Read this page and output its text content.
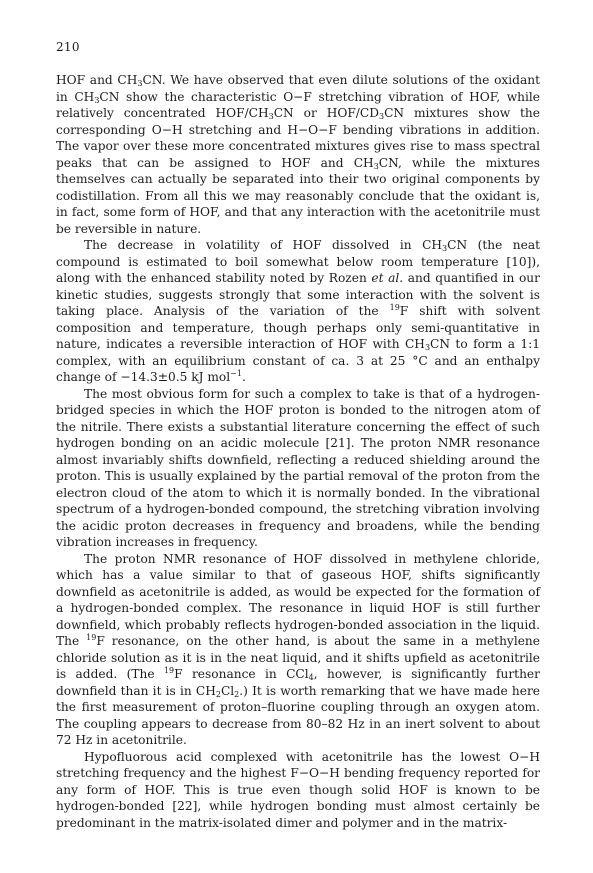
210

HOF and $CH_3CN$. We have observed that even dilute solutions of the oxidant in $CH_3CN$ show the characteristic O−F stretching vibration of HOF, while relatively concentrated HOF/$CH_3CN$ or HOF/$CD_3CN$ mixtures show the corresponding O−H stretching and H−O−F bending vibrations in addition. The vapor over these more concentrated mixtures gives rise to mass spectral peaks that can be assigned to HOF and $CH_3CN$, while the mixtures themselves can actually be separated into their two original components by codistillation. From all this we may reasonably conclude that the oxidant is, in fact, some form of HOF, and that any interaction with the acetonitrile must be reversible in nature.

The decrease in volatility of HOF dissolved in $CH_3CN$ (the neat compound is estimated to boil somewhat below room temperature [10]), along with the enhanced stability noted by Rozen et al. and quantified in our kinetic studies, suggests strongly that some interaction with the solvent is taking place. Analysis of the variation of the $^{19}$F shift with solvent composition and temperature, though perhaps only semi-quantitative in nature, indicates a reversible interaction of HOF with $CH_3CN$ to form a 1:1 complex, with an equilibrium constant of ca. 3 at 25 °C and an enthalpy change of −14.3±0.5 kJ mol$^{-1}$.

The most obvious form for such a complex to take is that of a hydrogen-bridged species in which the HOF proton is bonded to the nitrogen atom of the nitrile. There exists a substantial literature concerning the effect of such hydrogen bonding on an acidic molecule [21]. The proton NMR resonance almost invariably shifts downfield, reflecting a reduced shielding around the proton. This is usually explained by the partial removal of the proton from the electron cloud of the atom to which it is normally bonded. In the vibrational spectrum of a hydrogen-bonded compound, the stretching vibration involving the acidic proton decreases in frequency and broadens, while the bending vibration increases in frequency.

The proton NMR resonance of HOF dissolved in methylene chloride, which has a value similar to that of gaseous HOF, shifts significantly downfield as acetonitrile is added, as would be expected for the formation of a hydrogen-bonded complex. The resonance in liquid HOF is still further downfield, which probably reflects hydrogen-bonded association in the liquid. The $^{19}$F resonance, on the other hand, is about the same in a methylene chloride solution as it is in the neat liquid, and it shifts upfield as acetonitrile is added. (The $^{19}$F resonance in CCl$_4$, however, is significantly further downfield than it is in $CH_2Cl_2$.) It is worth remarking that we have made here the first measurement of proton–fluorine coupling through an oxygen atom. The coupling appears to decrease from 80–82 Hz in an inert solvent to about 72 Hz in acetonitrile.

Hypofluorous acid complexed with acetonitrile has the lowest O−H stretching frequency and the highest F−O−H bending frequency reported for any form of HOF. This is true even though solid HOF is known to be hydrogen-bonded [22], while hydrogen bonding must almost certainly be predominant in the matrix-isolated dimer and polymer and in the matrix-
